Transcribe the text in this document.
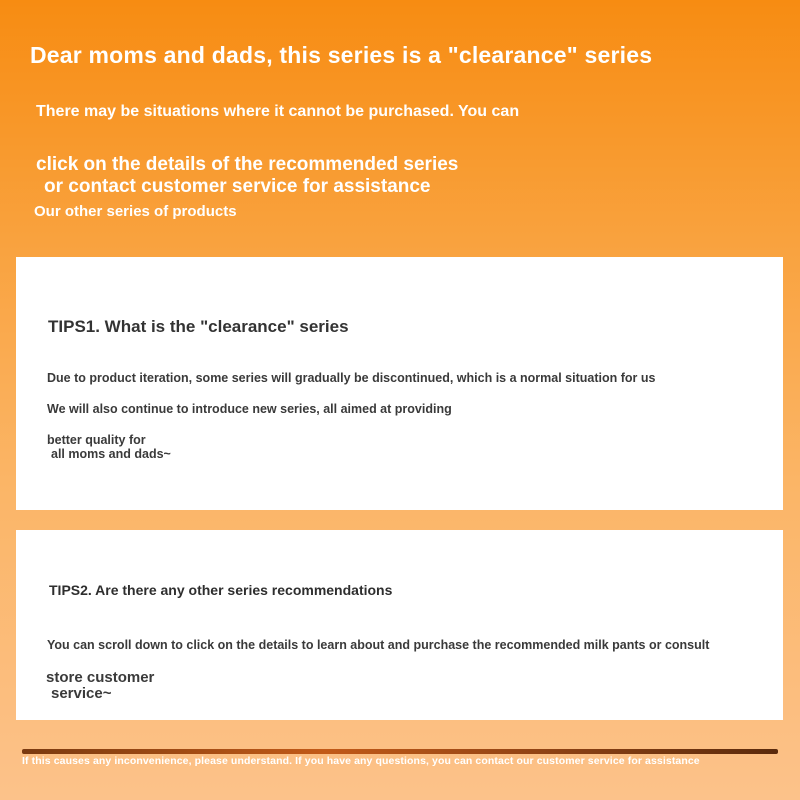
Dear moms and dads, this series is a "clearance" series
There may be situations where it cannot be purchased. You can
click on the details of the recommended series
or contact customer service for assistance
Our other series of products
TIPS1. What is the "clearance" series
Due to product iteration, some series will gradually be discontinued, which is a normal situation for us
We will also continue to introduce new series, all aimed at providing
better quality for
all moms and dads~
TIPS2. Are there any other series recommendations
You can scroll down to click on the details to learn about and purchase the recommended milk pants or consult
store customer
service~
If this causes any inconvenience, please understand. If you have any questions, you can contact our customer service for assistance
